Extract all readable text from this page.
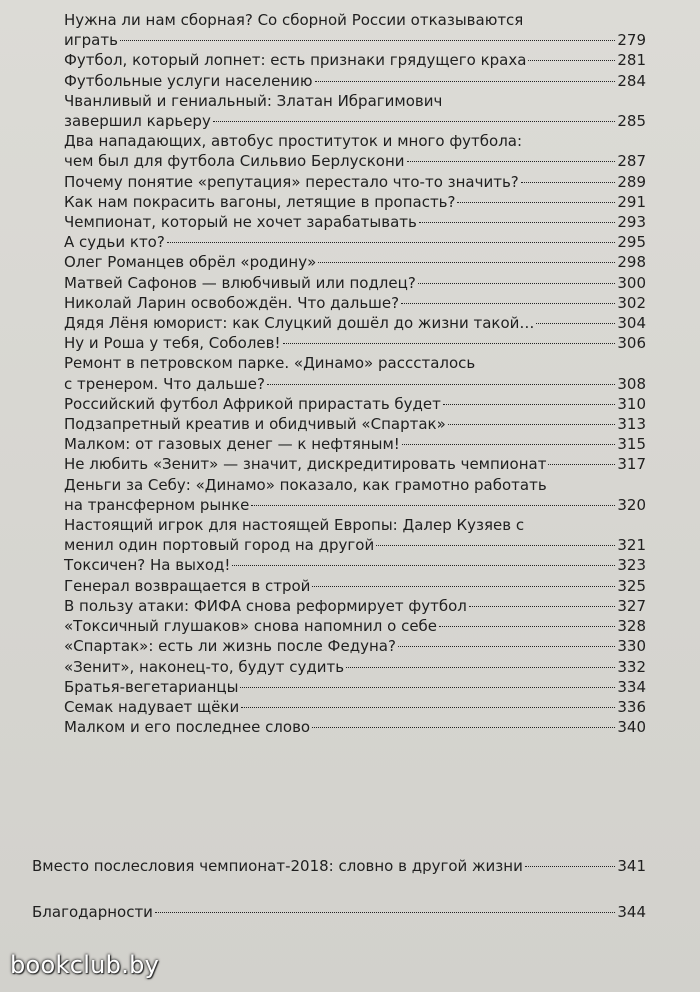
Нужна ли нам сборная? Со сборной России отказываются
играть	279
Футбол, который лопнет: есть признаки грядущего краха	281
Футбольные услуги населению	284
Чванливый и гениальный: Златан Ибрагимович
завершил карьеру	285
Два нападающих, автобус проституток и много футбола:
чем был для футбола Сильвио Берлускони	287
Почему понятие «репутация» перестало что-то значить?	289
Как нам покрасить вагоны, летящие в пропасть?	291
Чемпионат, который не хочет зарабатывать	293
А судьи кто?	295
Олег Романцев обрёл «родину»	298
Матвей Сафонов — влюбчивый или подлец?	300
Николай Ларин освобождён. Что дальше?	302
Дядя Лёня юморист: как Слуцкий дошёл до жизни такой…	304
Ну и Роша у тебя, Соболев!	306
Ремонт в петровском парке. «Динамо» расссталось
с тренером. Что дальше?	308
Российский футбол Африкой прирастать будет	310
Подзапретный креатив и обидчивый «Спартак»	313
Малком: от газовых денег — к нефтяным!	315
Не любить «Зенит» — значит, дискредитировать чемпионат	317
Деньги за Себу: «Динамо» показало, как грамотно работать
на трансферном рынке	320
Настоящий игрок для настоящей Европы: Далер Кузяев с
менил один портовый город на другой	321
Токсичен? На выход!	323
Генерал возвращается в строй	325
В пользу атаки: ФИФА снова реформирует футбол	327
«Токсичный глушаков» снова напомнил о себе	328
«Спартак»: есть ли жизнь после Федуна?	330
«Зенит», наконец-то, будут судить	332
Братья-вегетарианцы	334
Семак надувает щёки	336
Малком и его последнее слово	340
Вместо послесловия чемпионат-2018: словно в другой жизни	341
Благодарности	344
bookclub.by
